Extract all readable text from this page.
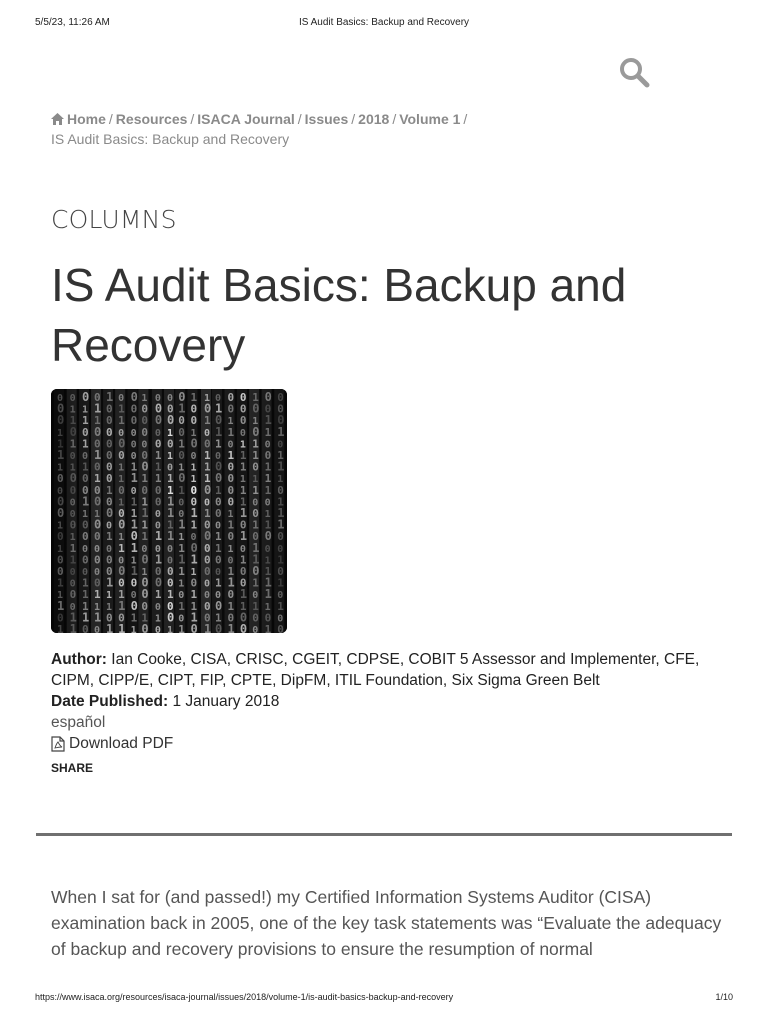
5/5/23, 11:26 AM	IS Audit Basics: Backup and Recovery
Home / Resources / ISACA Journal / Issues / 2018 / Volume 1 /
IS Audit Basics: Backup and Recovery
COLUMNS
IS Audit Basics: Backup and Recovery

Author: Ian Cooke, CISA, CRISC, CGEIT, CDPSE, COBIT 5 Assessor and Implementer, CFE, CIPM, CIPP/E, CIPT, FIP, CPTE, DipFM, ITIL Foundation, Six Sigma Green Belt

Date Published: 1 January 2018

español

Download PDF

SHARE

When I sat for (and passed!) my Certified Information Systems Auditor (CISA) examination back in 2005, one of the key task statements was “Evaluate the adequacy of backup and recovery provisions to ensure the resumption of normal

https://www.isaca.org/resources/isaca-journal/issues/2018/volume-1/is-audit-basics-backup-and-recovery	1/10
